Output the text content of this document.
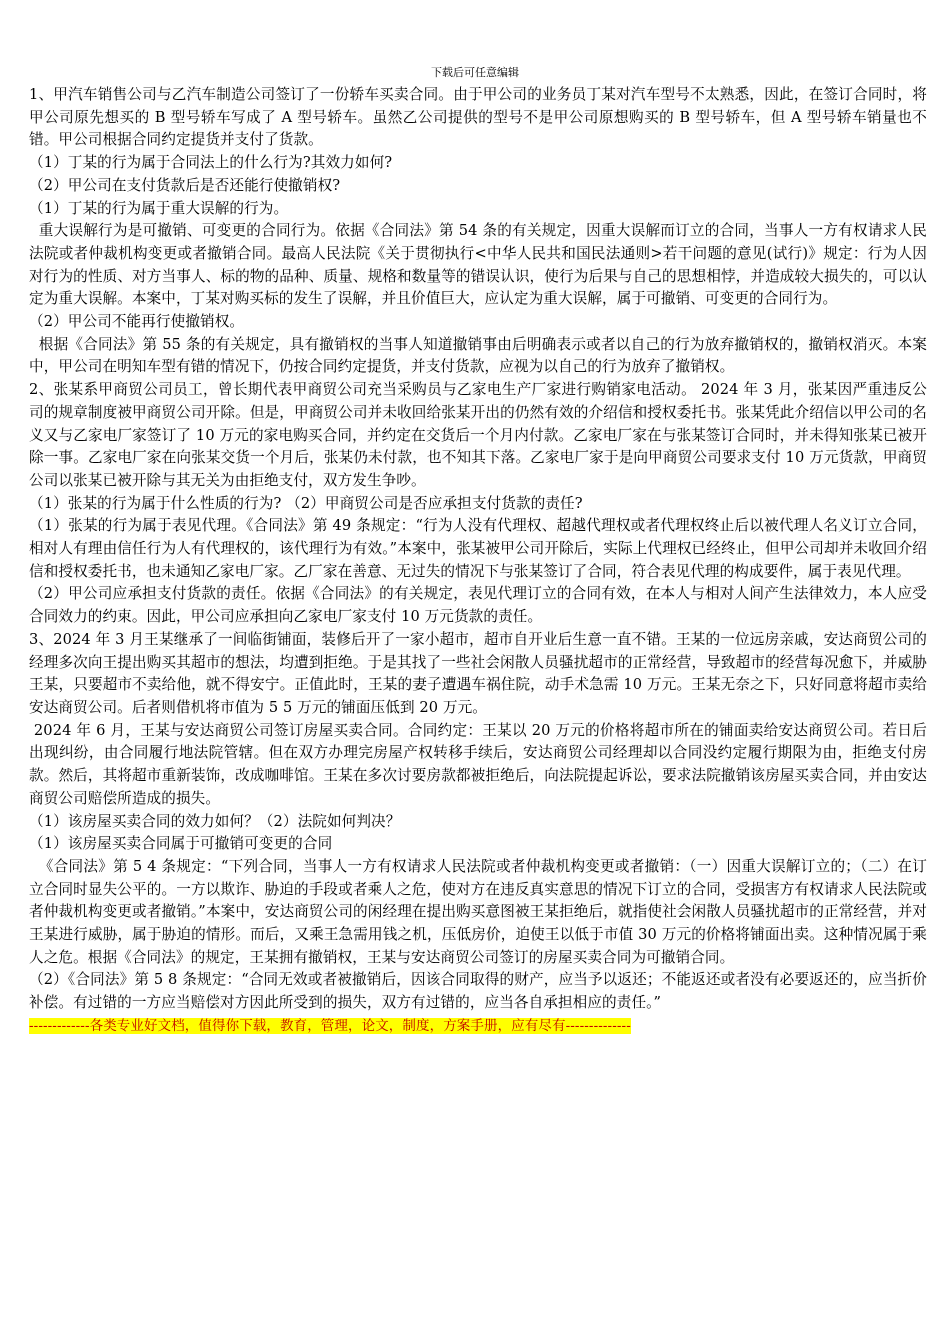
下载后可任意编辑

1、甲汽车销售公司与乙汽车制造公司签订了一份轿车买卖合同。由于甲公司的业务员丁某对汽车型号不太熟悉，因此，在签订合同时，将甲公司原先想买的 B 型号轿车写成了 A 型号轿车。虽然乙公司提供的型号不是甲公司原想购买的 B 型号轿车，但 A 型号轿车销量也不错。甲公司根据合同约定提货并支付了货款。

（1）丁某的行为属于合同法上的什么行为?其效力如何?

（2）甲公司在支付货款后是否还能行使撤销权?

（1）丁某的行为属于重大误解的行为。

重大误解行为是可撤销、可变更的合同行为。依据《合同法》第 54 条的有关规定，因重大误解而订立的合同，当事人一方有权请求人民法院或者仲裁机构变更或者撤销合同。最高人民法院《关于贯彻执行<中华人民共和国民法通则>若干问题的意见(试行)》规定：行为人因对行为的性质、对方当事人、标的物的品种、质量、规格和数量等的错误认识，使行为后果与自己的思想相悖，并造成较大损失的，可以认定为重大误解。本案中，丁某对购买标的发生了误解，并且价值巨大，应认定为重大误解，属于可撤销、可变更的合同行为。

（2）甲公司不能再行使撤销权。

根据《合同法》第 55 条的有关规定，具有撤销权的当事人知道撤销事由后明确表示或者以自己的行为放弃撤销权的，撤销权消灭。本案中，甲公司在明知车型有错的情况下，仍按合同约定提货，并支付货款，应视为以自己的行为放弃了撤销权。

2、张某系甲商贸公司员工，曾长期代表甲商贸公司充当采购员与乙家电生产厂家进行购销家电活动。 2024 年 3 月，张某因严重违反公司的规章制度被甲商贸公司开除。但是，甲商贸公司并未收回给张某开出的仍然有效的介绍信和授权委托书。张某凭此介绍信以甲公司的名义又与乙家电厂家签订了 10 万元的家电购买合同，并约定在交货后一个月内付款。乙家电厂家在与张某签订合同时，并未得知张某已被开除一事。乙家电厂家在向张某交货一个月后，张某仍未付款，也不知其下落。乙家电厂家于是向甲商贸公司要求支付 10 万元货款，甲商贸公司以张某已被开除与其无关为由拒绝支付，双方发生争吵。

（1）张某的行为属于什么性质的行为? （2）甲商贸公司是否应承担支付货款的责任?

（1）张某的行为属于表见代理。《合同法》第 49 条规定：“行为人没有代理权、超越代理权或者代理权终止后以被代理人名义订立合同，相对人有理由信任行为人有代理权的，该代理行为有效。”本案中，张某被甲公司开除后，实际上代理权已经终止，但甲公司却并未收回介绍信和授权委托书，也未通知乙家电厂家。乙厂家在善意、无过失的情况下与张某签订了合同，符合表见代理的构成要件，属于表见代理。

（2）甲公司应承担支付货款的责任。依据《合同法》的有关规定，表见代理订立的合同有效，在本人与相对人间产生法律效力，本人应受合同效力的约束。因此，甲公司应承担向乙家电厂家支付 10 万元货款的责任。

3、2024 年 3 月王某继承了一间临街铺面，装修后开了一家小超市，超市自开业后生意一直不错。王某的一位远房亲戚，安达商贸公司的经理多次向王提出购买其超市的想法，均遭到拒绝。于是其找了一些社会闲散人员骚扰超市的正常经营，导致超市的经营每况愈下，并威胁王某，只要超市不卖给他，就不得安宁。正值此时，王某的妻子遭遇车祸住院，动手术急需 10 万元。王某无奈之下，只好同意将超市卖给安达商贸公司。后者则借机将市值为 5 5 万元的铺面压低到 20 万元。

2024 年 6 月，王某与安达商贸公司签订房屋买卖合同。合同约定：王某以 20 万元的价格将超市所在的铺面卖给安达商贸公司。若日后出现纠纷，由合同履行地法院管辖。但在双方办理完房屋产权转移手续后，安达商贸公司经理却以合同没约定履行期限为由，拒绝支付房款。然后，其将超市重新装饰，改成咖啡馆。王某在多次讨要房款都被拒绝后，向法院提起诉讼，要求法院撤销该房屋买卖合同，并由安达商贸公司赔偿所造成的损失。

（1）该房屋买卖合同的效力如何？（2）法院如何判决？

（1）该房屋买卖合同属于可撤销可变更的合同

《合同法》第 5 4 条规定：“下列合同，当事人一方有权请求人民法院或者仲裁机构变更或者撤销：（一）因重大误解订立的；（二）在订立合同时显失公平的。一方以欺诈、胁迫的手段或者乘人之危，使对方在违反真实意思的情况下订立的合同，受损害方有权请求人民法院或者仲裁机构变更或者撤销。”本案中，安达商贸公司的闲经理在提出购买意图被王某拒绝后，就指使社会闲散人员骚扰超市的正常经营，并对王某进行威胁，属于胁迫的情形。而后，又乘王急需用钱之机，压低房价，迫使王以低于市值 30 万元的价格将铺面出卖。这种情况属于乘人之危。根据《合同法》的规定，王某拥有撤销权，王某与安达商贸公司签订的房屋买卖合同为可撤销合同。

（2）《合同法》第 5 8 条规定：“合同无效或者被撤销后，因该合同取得的财产，应当予以返还；不能返还或者没有必要返还的，应当折价补偿。有过错的一方应当赔偿对方因此所受到的损失，双方有过错的，应当各自承担相应的责任。”

-------------各类专业好文档，值得你下载，教育，管理，论文，制度，方案手册，应有尽有--------------
